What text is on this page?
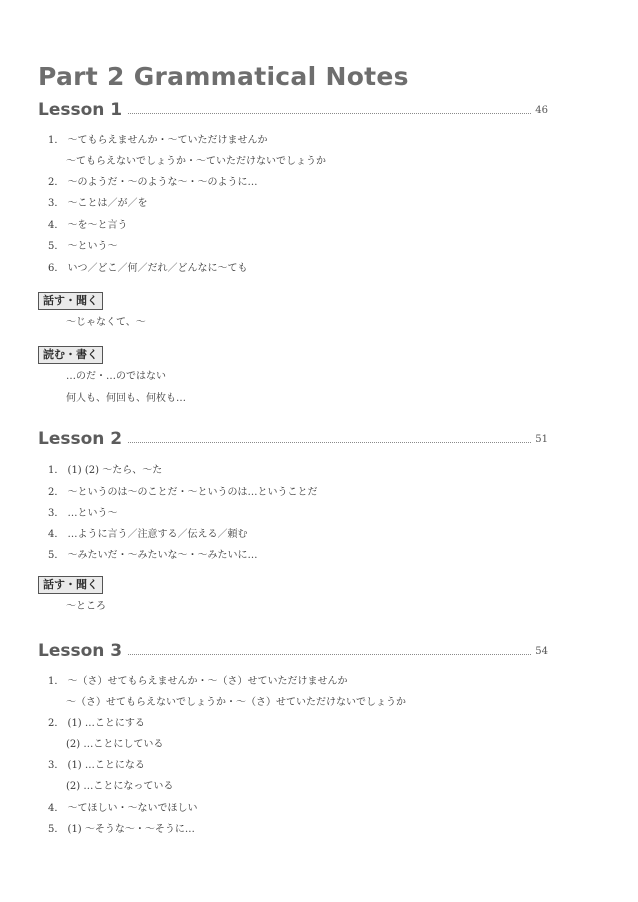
Part 2 Grammatical Notes
Lesson 1	46
1． ～てもらえませんか・～ていただけませんか
～てもらえないでしょうか・～ていただけないでしょうか
2． ～のようだ・～のような～・～のように…
3． ～ことは／が／を
4． ～を～と言う
5． ～という～
6． いつ／どこ／何／だれ／どんなに～ても
話す・聞く
～じゃなくて、～
読む・書く
…のだ・…のではない
何人も、何回も、何枚も…
Lesson 2	51
1． (1) (2) ～たら、～た
2． ～というのは～のことだ・～というのは…ということだ
3． …という～
4． …ように言う／注意する／伝える／頼む
5． ～みたいだ・～みたいな～・～みたいに…
話す・聞く
～ところ
Lesson 3	54
1． ～（さ）せてもらえませんか・～（さ）せていただけませんか
～（さ）せてもらえないでしょうか・～（さ）せていただけないでしょうか
2． (1) …ことにする
(2) …ことにしている
3． (1) …ことになる
(2) …ことになっている
4． ～てほしい・～ないでほしい
5． (1) ～そうな～・～そうに…
